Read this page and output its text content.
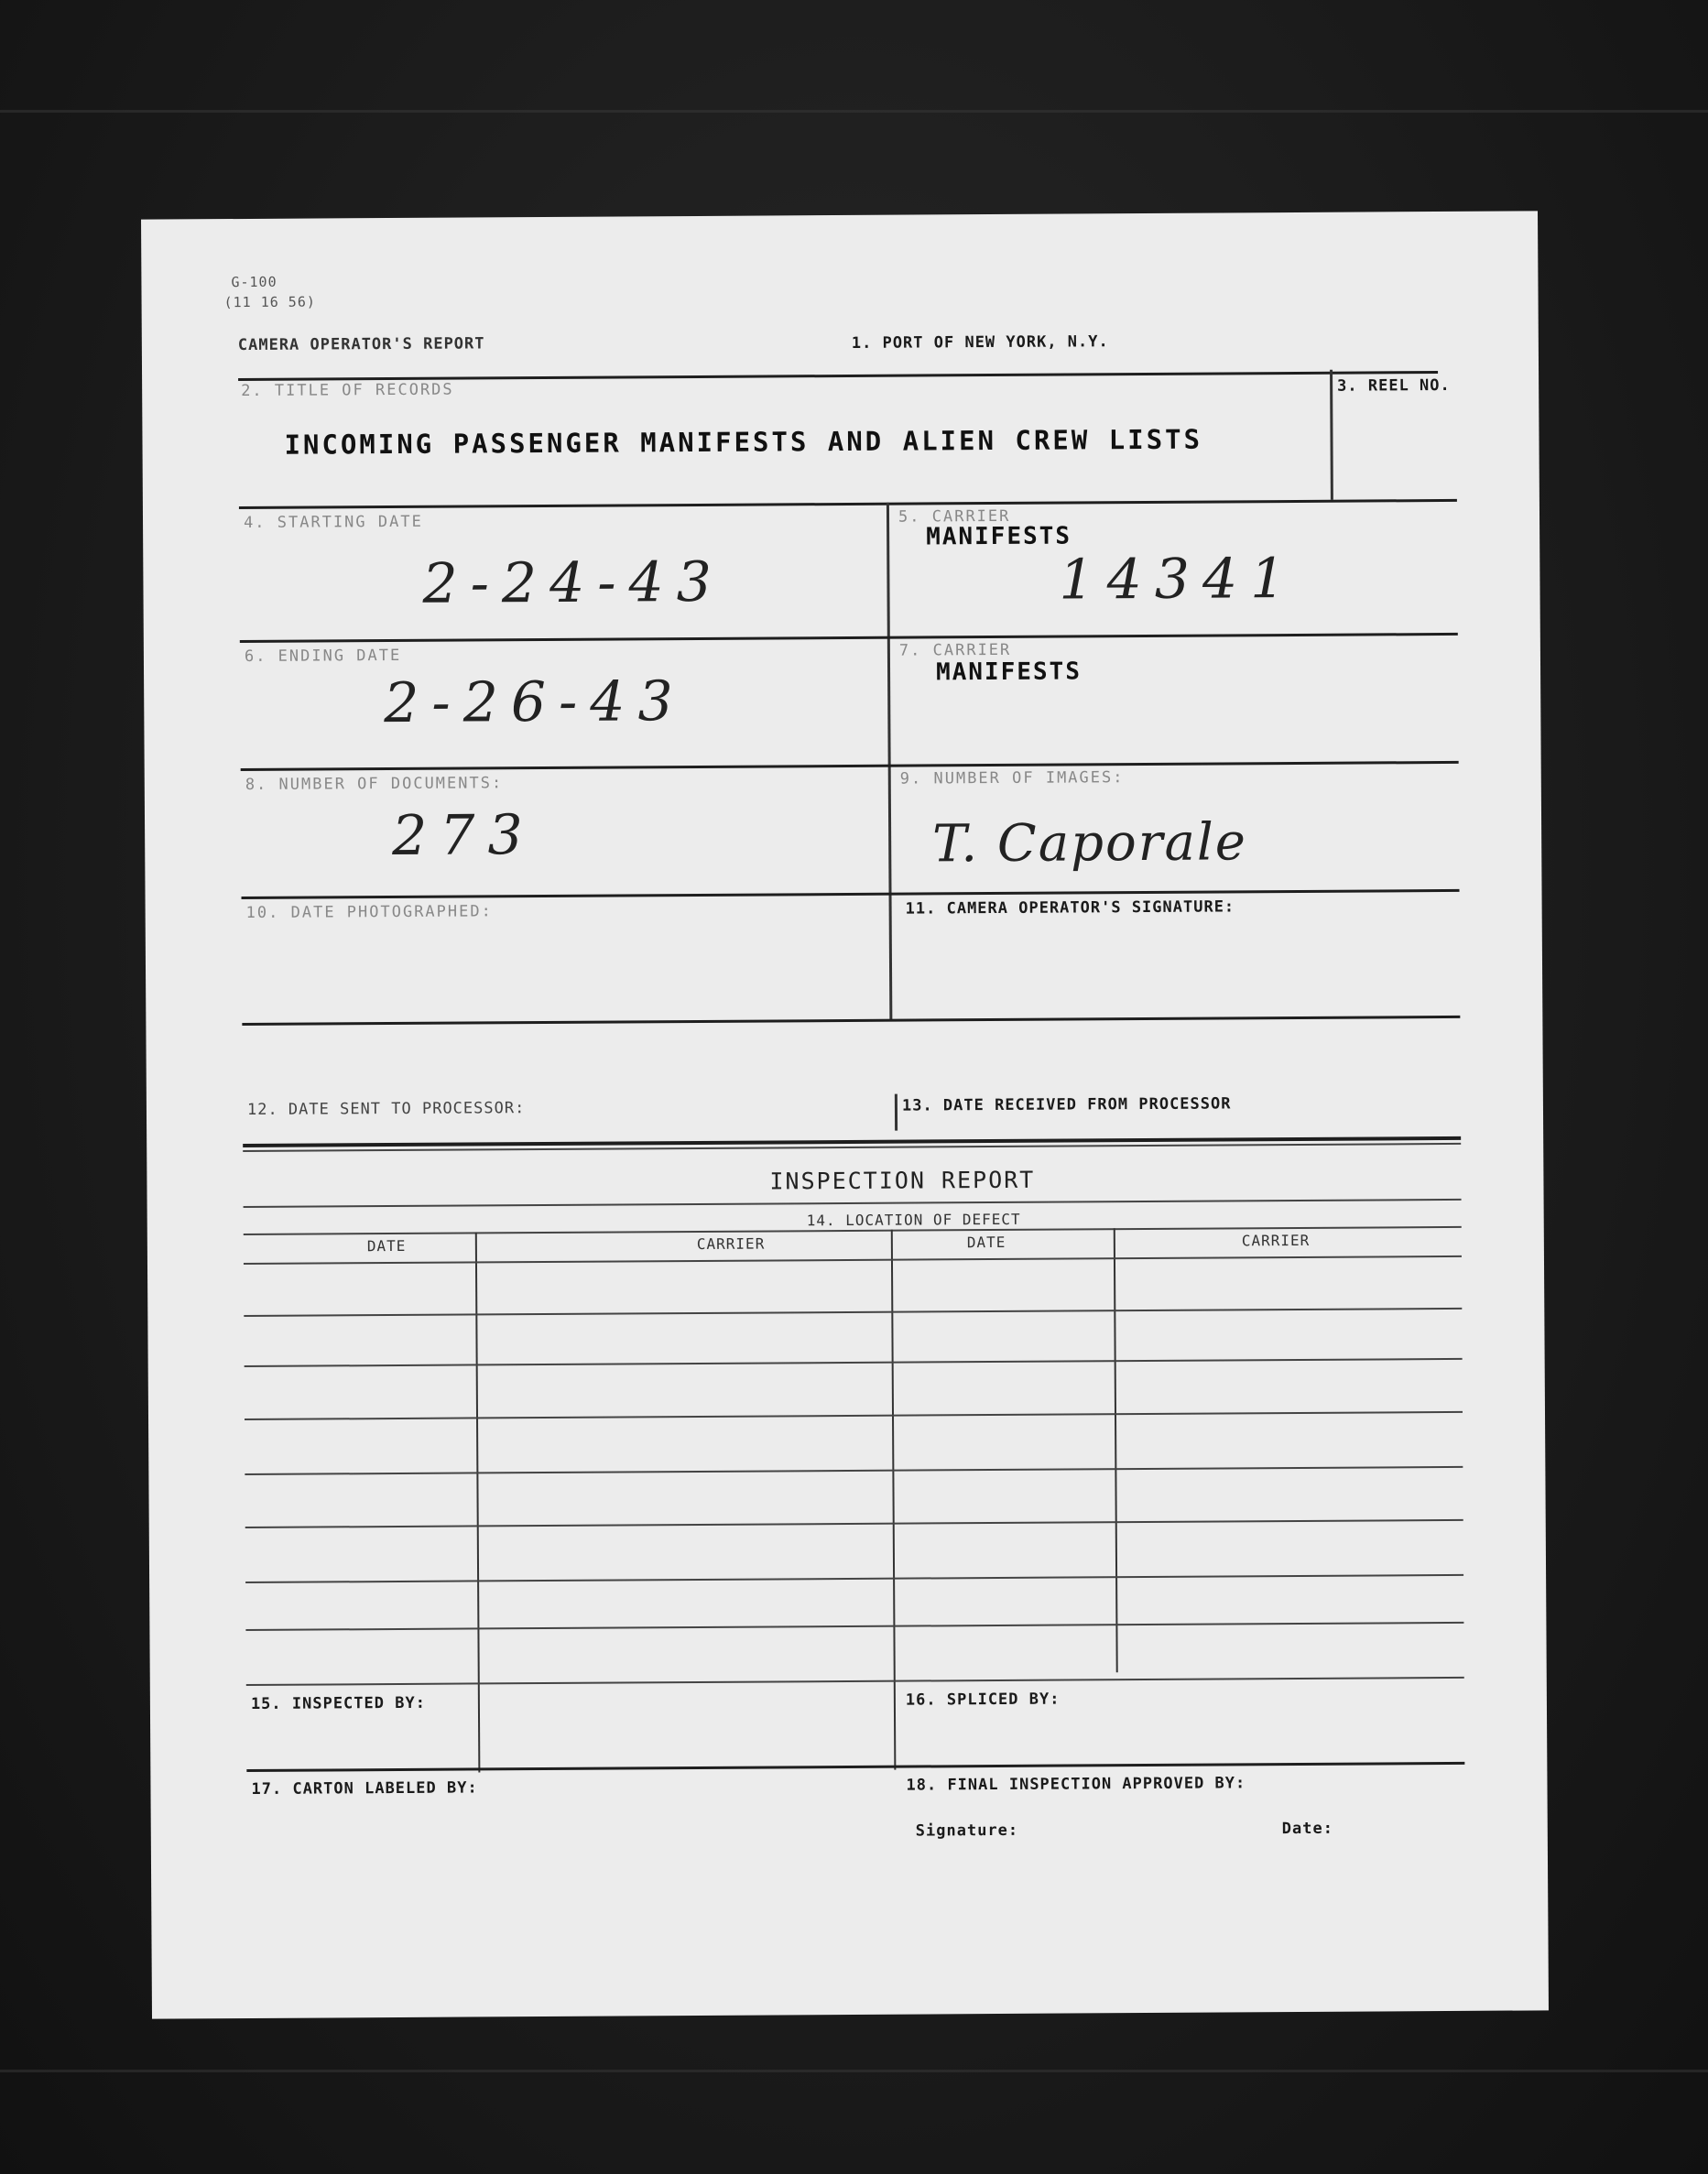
G-100
(11 16 56)
CAMERA OPERATOR'S REPORT	1. PORT OF NEW YORK, N.Y.
2. TITLE OF RECORDS
INCOMING PASSENGER MANIFESTS AND ALIEN CREW LISTS
3. REEL NO.
4. STARTING DATE
2-24-43
5. CARRIER
MANIFESTS
14341
6. ENDING DATE
2-26-43
7. CARRIER
MANIFESTS
8. NUMBER OF DOCUMENTS:
273
9. NUMBER OF IMAGES:
T. Caporale
10. DATE PHOTOGRAPHED:	11. CAMERA OPERATOR'S SIGNATURE:
12. DATE SENT TO PROCESSOR:	13. DATE RECEIVED FROM PROCESSOR
INSPECTION REPORT
14. LOCATION OF DEFECT
DATE	CARRIER	DATE	CARRIER
15. INSPECTED BY:	16. SPLICED BY:
17. CARTON LABELED BY:	18. FINAL INSPECTION APPROVED BY:
Signature:	Date:
